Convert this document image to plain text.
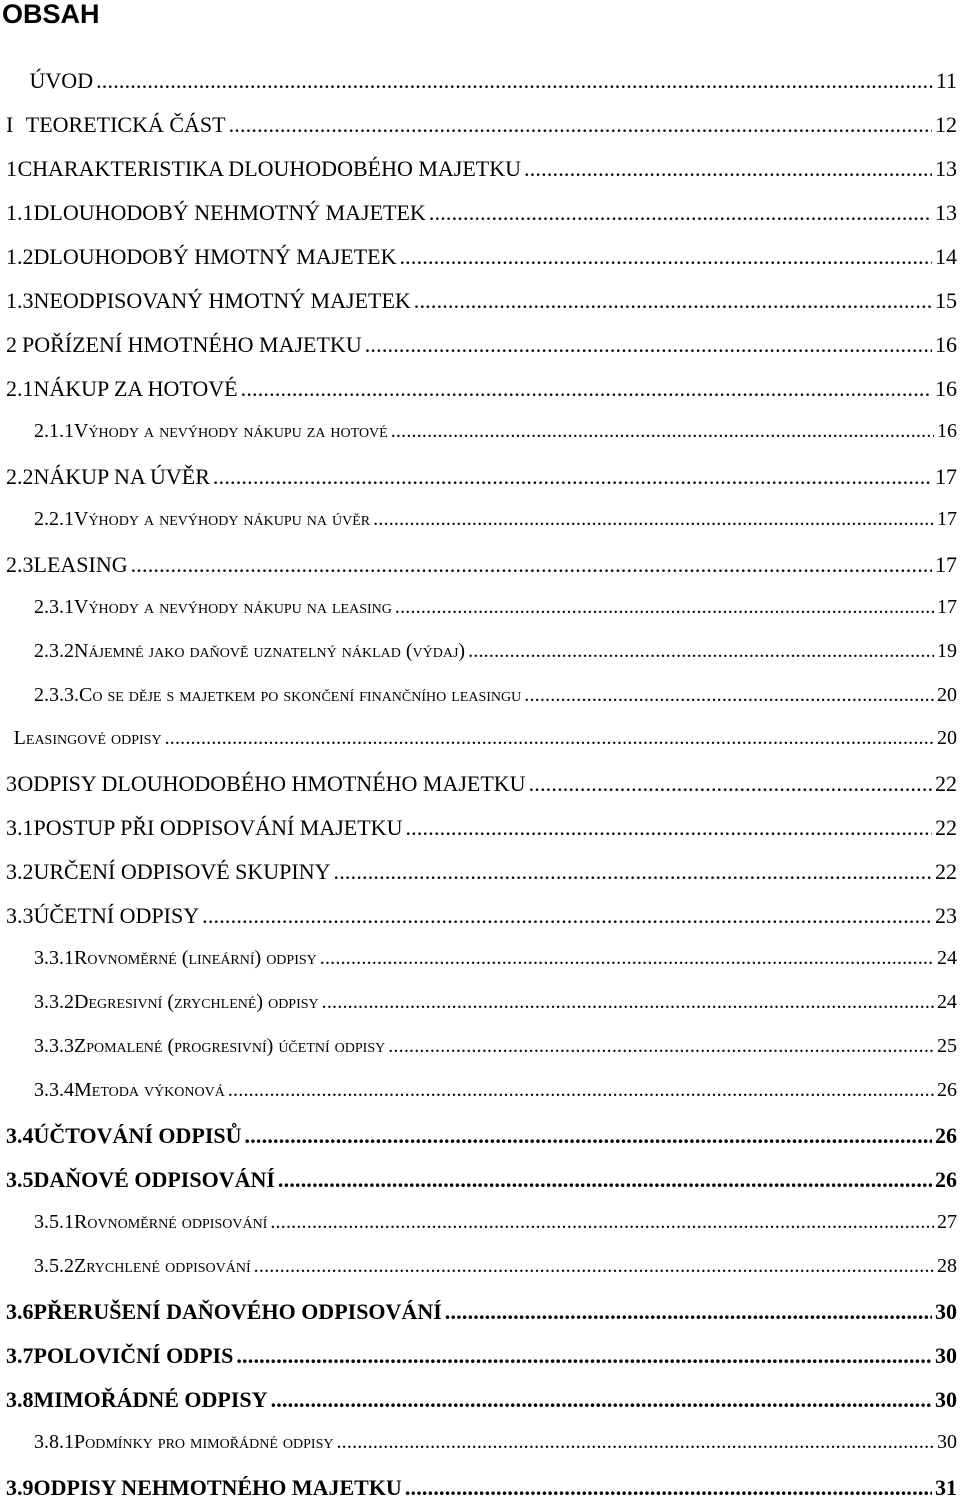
OBSAH
ÚVOD .....	11
I TEORETICKÁ ČÁST .....	12
1 CHARAKTERISTIKA DLOUHODOBÉHO MAJETKU .....	13
1.1 DLOUHODOBÝ NEHMOTNÝ MAJETEK .....	13
1.2 DLOUHODOBÝ HMOTNÝ MAJETEK .....	14
1.3 NEODPISOVANÝ HMOTNÝ MAJETEK .....	15
2 POŘÍZENÍ HMOTNÉHO MAJETKU .....	16
2.1 NÁKUP ZA HOTOVÉ .....	16
2.1.1 Výhody a nevýhody nákupu za hotové .....	16
2.2 NÁKUP NA ÚVĚR .....	17
2.2.1 Výhody a nevýhody nákupu na úvěr .....	17
2.3 LEASING .....	17
2.3.1 Výhody a nevýhody nákupu na leasing .....	17
2.3.2 Nájemné jako daňově uznatelný náklad (výdaj) .....	19
2.3.3. Co se děje s majetkem po skončení finančního leasingu .....	20
Leasingové odpisy .....	20
3 ODPISY DLOUHODOBÉHO HMOTNÉHO MAJETKU .....	22
3.1 POSTUP PŘI ODPISOVÁNÍ MAJETKU .....	22
3.2 URČENÍ ODPISOVÉ SKUPINY .....	22
3.3 ÚČETNÍ ODPISY .....	23
3.3.1 Rovnoměrné (lineární) odpisy .....	24
3.3.2 Degresivní (zrychlené) odpisy .....	24
3.3.3 Zpomalené (progresivní) účetní odpisy .....	25
3.3.4 Metoda výkonová .....	26
3.4 ÚČTOVÁNÍ ODPISŮ .....	26
3.5 DAŇOVÉ ODPISOVÁNÍ .....	26
3.5.1 Rovnoměrné odpisování .....	27
3.5.2 Zrychlené odpisování .....	28
3.6 PŘERUŠENÍ DAŇOVÉHO ODPISOVÁNÍ .....	30
3.7 POLOVIČNÍ ODPIS .....	30
3.8 MIMOŘÁDNÉ ODPISY .....	30
3.8.1 Podmínky pro mimořádné odpisy .....	30
3.9 ODPISY NEHMOTNÉHO MAJETKU .....	31
